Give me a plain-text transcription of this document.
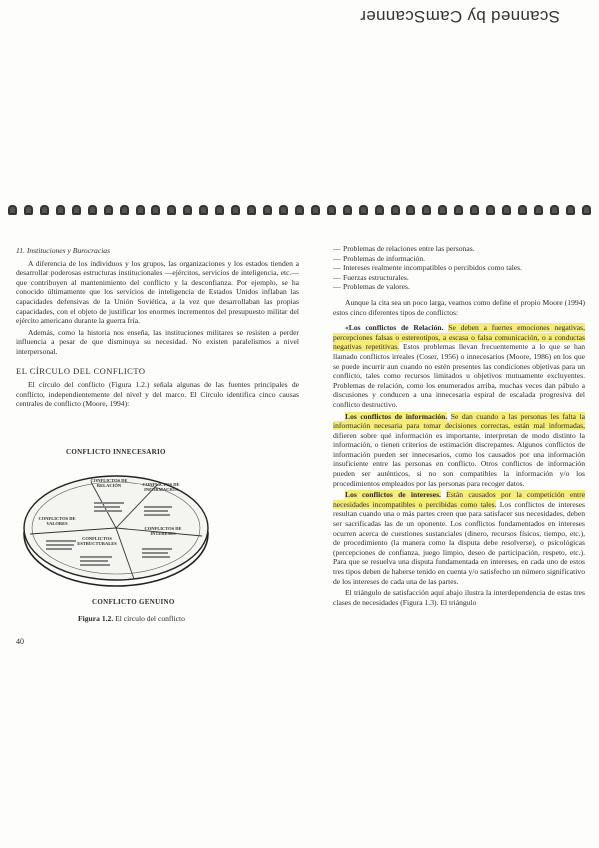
Scanned by CamScanner
11. Instituciones y Burocracias

A diferencia de los individuos y los grupos, las organizaciones y los estados tienden a desarrollar poderosas estructuras institucionales —ejércitos, servicios de inteligencia, etc.— que contribuyen al mantenimiento del conflicto y la desconfianza. Por ejemplo, se ha conocido últimamente que los servicios de inteligencia de Estados Unidos inflaban las capacidades defensivas de la Unión Soviética, a la vez que desarrollaban las propias capacidades, con el objeto de justificar los enormes incrementos del presupuesto militar del ejército americano durante la guerra fría.

Además, como la historia nos enseña, las instituciones militares se resisten a perder influencia a pesar de que disminuya su necesidad. No existen paralelismos a nivel interpersonal.

EL CÍRCULO DEL CONFLICTO

El círculo del conflicto (Figura 1.2.) señala algunas de las fuentes principales de conflicto, independientemente del nivel y del marco. El Círculo identifica cinco causas centrales de conflicto (Moore, 1994):

CONFLICTO INNECESARIO
CONFLICTOS DE RELACIÓN	CONFLICTOS DE INFORMACIÓN
CONFLICTOS DE VALORES
CONFLICTOS ESTRUCTURALES
CONFLICTOS DE INTERESES
CONFLICTO GENUINO
Figura 1.2. El círculo del conflicto
40
— Problemas de relaciones entre las personas.
— Problemas de información.
— Intereses realmente incompatibles o percibidos como tales.
— Fuerzas estructurales.
— Problemas de valores.

Aunque la cita sea un poco larga, veamos como define el propio Moore (1994) estos cinco diferentes tipos de conflictos:

«Los conflictos de Relación. Se deben a fuertes emociones negativas, percepciones falsas o estereotipos, a escasa o falsa comunicación, o a conductas negativas repetitivas. Estos problemas llevan frecuentemente a lo que se han llamado conflictos irreales (Coser, 1956) o innecesarios (Moore, 1986) en los que se puede incurrir aun cuando no estén presentes las condiciones objetivas para un conflicto, tales como recursos limitados u objetivos mutuamente excluyentes. Problemas de relación, como los enumerados arriba, muchas veces dan pábulo a discusiones y conducen a una innecesaria espiral de escalada progresiva del conflicto destructivo.

Los conflictos de información. Se dan cuando a las personas les falta la información necesaria para tomar decisiones correctas, están mal informadas, difieren sobre qué información es importante, interpretan de modo distinto la información, o tienen criterios de estimación discrepantes. Algunos conflictos de información pueden ser innecesarios, como los causados por una información insuficiente entre las personas en conflicto. Otros conflictos de información pueden ser auténticos, si no son compatibles la información y/o los procedimientos empleados por las personas para recoger datos.

Los conflictos de intereses. Están causados por la competición entre necesidades incompatibles o percibidas como tales. Los conflictos de intereses resultan cuando una o más partes creen que para satisfacer sus necesidades, deben ser sacrificadas las de un oponente. Los conflictos fundamentados en intereses ocurren acerca de cuestiones sustanciales (dinero, recursos físicos, tiempo, etc.), de procedimiento (la manera como la disputa debe resolverse), o psicológicas (percepciones de confianza, juego limpio, deseo de participación, respeto, etc.). Para que se resuelva una disputa fundamentada en intereses, en cada uno de estos tres tipos deben de haberse tenido en cuenta y/o satisfecho un número significativo de los intereses de cada una de las partes.

El triángulo de satisfacción aquí abajo ilustra la interdependencia de estas tres clases de necesidades (Figura 1.3). El triángulo
